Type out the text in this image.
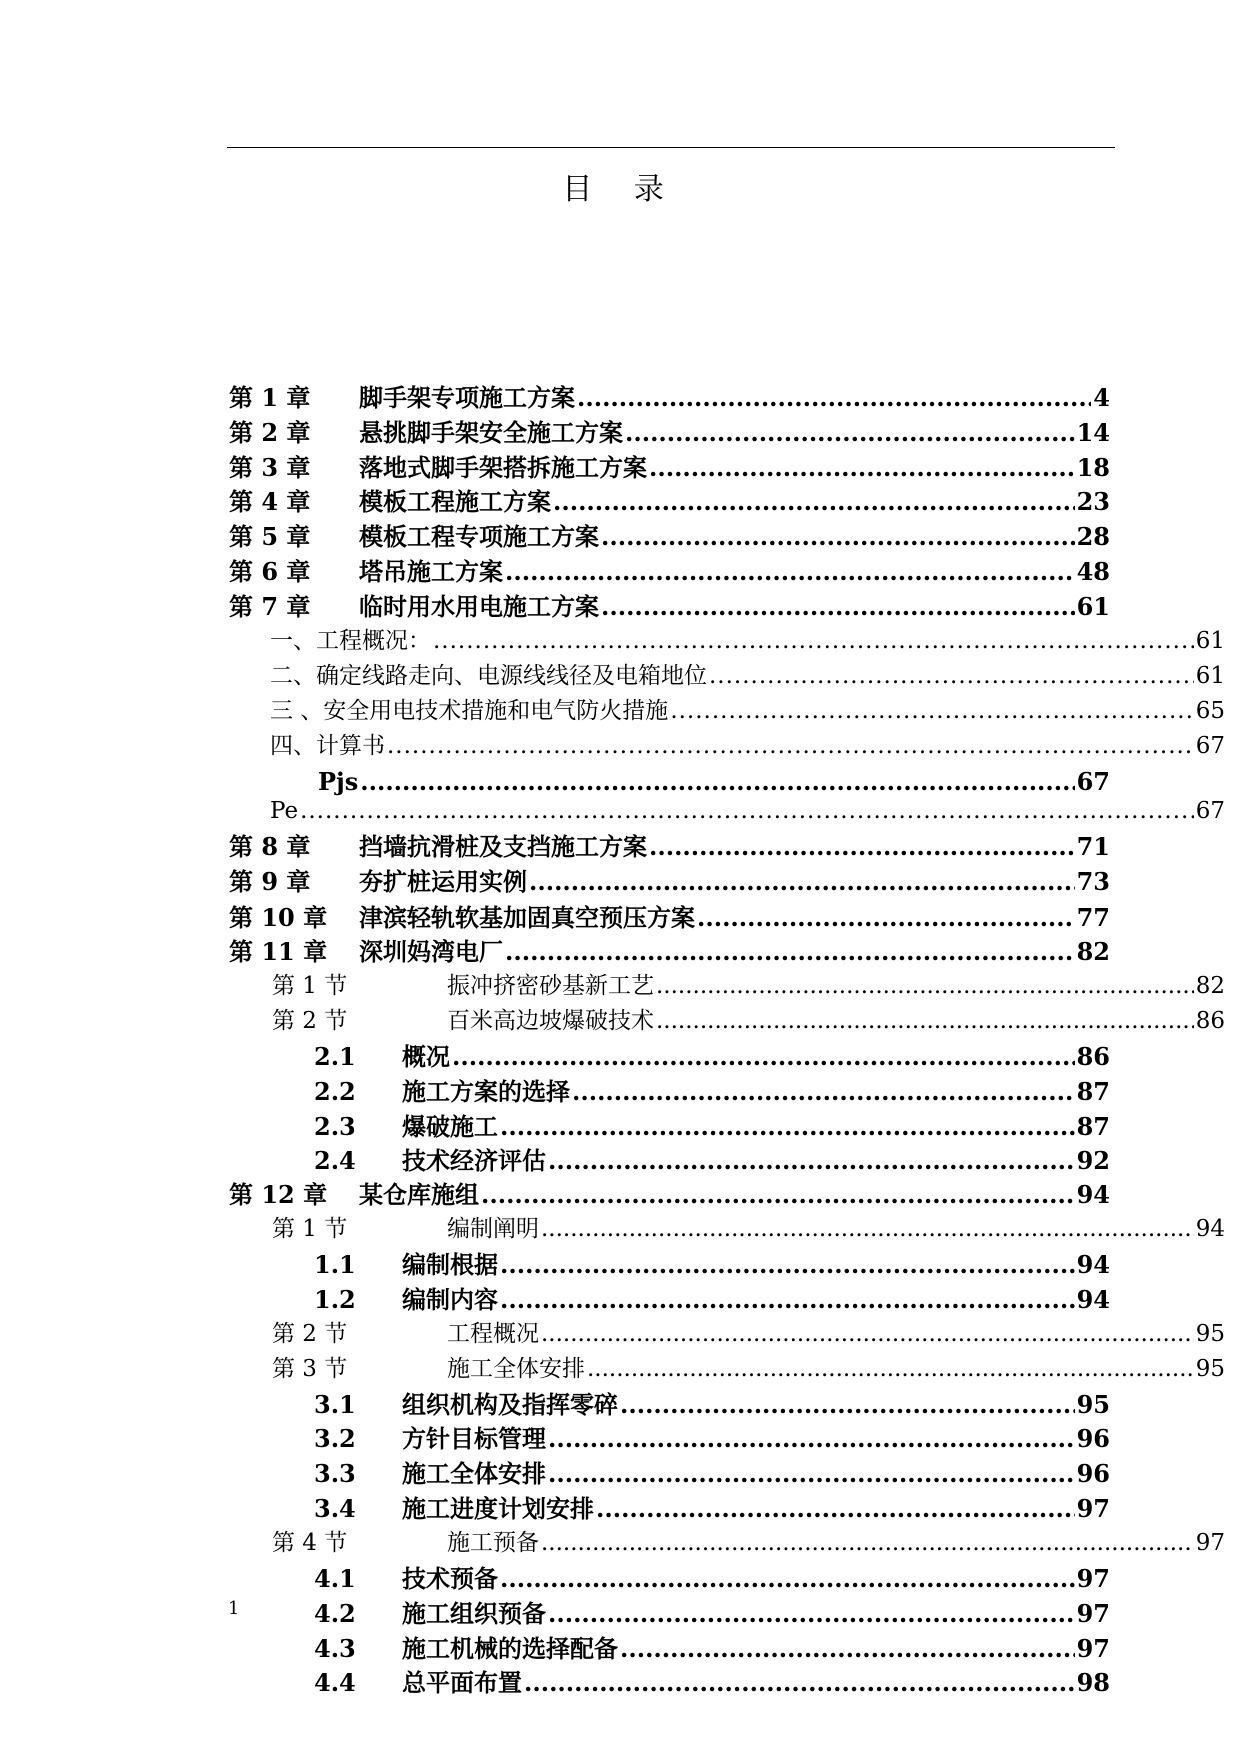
目 录
第 1 章	脚手架专项施工方案 .....	4
第 2 章	悬挑脚手架安全施工方案 .....	14
第 3 章	落地式脚手架搭拆施工方案 .....	18
第 4 章	模板工程施工方案 .....	23
第 5 章	模板工程专项施工方案 .....	28
第 6 章	塔吊施工方案 .....	48
第 7 章	临时用水用电施工方案 .....	61
一、工程概况： .....	61
二、确定线路走向、电源线线径及电箱地位 .....	61
三 、安全用电技术措施和电气防火措施 .....	65
四、计算书 .....	67
Pjs .....	67
Pe .....	67
第 8 章	挡墙抗滑桩及支挡施工方案 .....	71
第 9 章	夯扩桩运用实例 .....	73
第 10 章	津滨轻轨软基加固真空预压方案 .....	77
第 11 章	深圳妈湾电厂 .....	82
第 1 节	振冲挤密砂基新工艺 .....	82
第 2 节	百米高边坡爆破技术 .....	86
2.1	概况 .....	86
2.2	施工方案的选择 .....	87
2.3	爆破施工 .....	87
2.4	技术经济评估 .....	92
第 12 章	某仓库施组 .....	94
第 1 节	编制阐明 .....	94
1.1	编制根据 .....	94
1.2	编制内容 .....	94
第 2 节	工程概况 .....	95
第 3 节	施工全体安排 .....	95
3.1	组织机构及指挥零碎 .....	95
3.2	方针目标管理 .....	96
3.3	施工全体安排 .....	96
3.4	施工进度计划安排 .....	97
第 4 节	施工预备 .....	97
4.1	技术预备 .....	97
4.2	施工组织预备 .....	97
4.3	施工机械的选择配备 .....	97
4.4	总平面布置 .....	98
1
